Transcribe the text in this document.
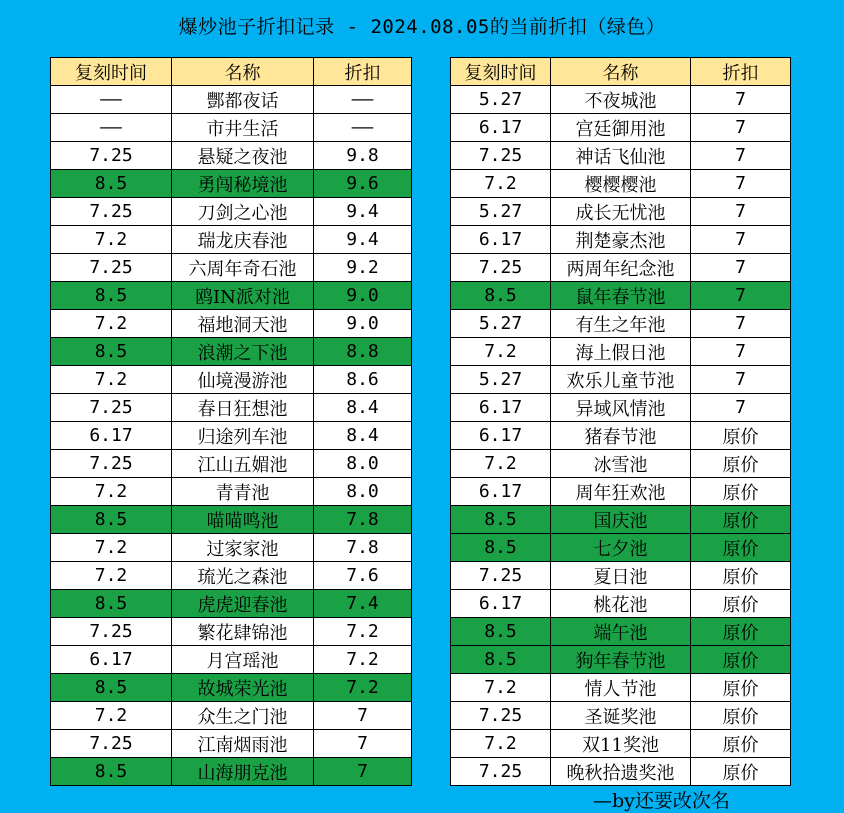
爆炒池子折扣记录 - 2024.08.05的当前折扣（绿色）
复刻时间	名称	折扣
——	酆都夜话	——
——	市井生活	——
7.25	悬疑之夜池	9.8
8.5	勇闯秘境池	9.6
7.25	刀剑之心池	9.4
7.2	瑞龙庆春池	9.4
7.25	六周年奇石池	9.2
8.5	鸥IN派对池	9.0
7.2	福地洞天池	9.0
8.5	浪潮之下池	8.8
7.2	仙境漫游池	8.6
7.25	春日狂想池	8.4
6.17	归途列车池	8.4
7.25	江山五媚池	8.0
7.2	青青池	8.0
8.5	喵喵鸣池	7.8
7.2	过家家池	7.8
7.2	琉光之森池	7.6
8.5	虎虎迎春池	7.4
7.25	繁花肆锦池	7.2
6.17	月宫瑶池	7.2
8.5	故城荣光池	7.2
7.2	众生之门池	7
7.25	江南烟雨池	7
8.5	山海朋克池	7
复刻时间	名称	折扣
5.27	不夜城池	7
6.17	宫廷御用池	7
7.25	神话飞仙池	7
7.2	樱樱樱池	7
5.27	成长无忧池	7
6.17	荆楚豪杰池	7
7.25	两周年纪念池	7
8.5	鼠年春节池	7
5.27	有生之年池	7
7.2	海上假日池	7
5.27	欢乐儿童节池	7
6.17	异域风情池	7
6.17	猪春节池	原价
7.2	冰雪池	原价
6.17	周年狂欢池	原价
8.5	国庆池	原价
8.5	七夕池	原价
7.25	夏日池	原价
6.17	桃花池	原价
8.5	端午池	原价
8.5	狗年春节池	原价
7.2	情人节池	原价
7.25	圣诞奖池	原价
7.2	双11奖池	原价
7.25	晚秋拾遗奖池	原价
—by还要改次名
